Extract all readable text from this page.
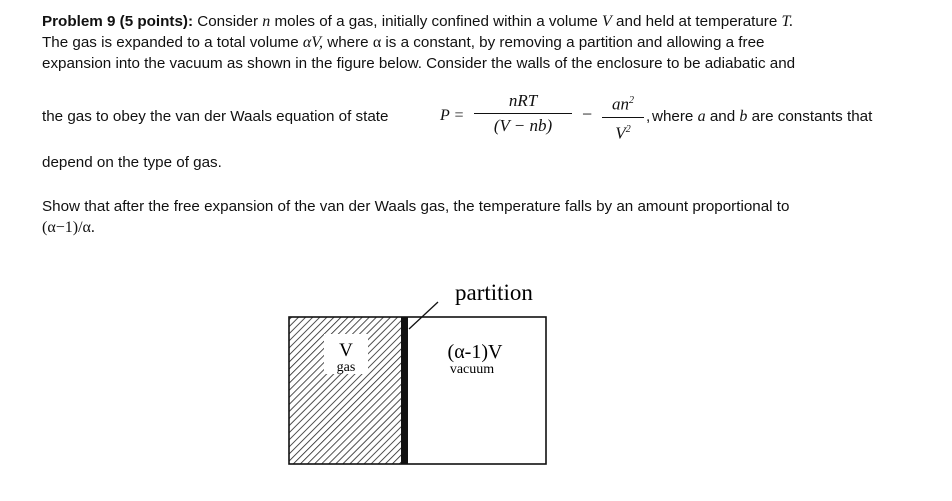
Problem 9 (5 points): Consider n moles of a gas, initially confined within a volume V and held at temperature T.
The gas is expanded to a total volume αV, where α is a constant, by removing a partition and allowing a free
expansion into the vacuum as shown in the figure below. Consider the walls of the enclosure to be adiabatic and
the gas to obey the van der Waals equation of state	P =
nRT
(V − nb)
−	$an^2$
$V^2$
, where a and b are constants that

depend on the type of gas.

Show that after the free expansion of the van der Waals gas, the temperature falls by an amount proportional to
(α−1)/α.
partition
V
gas
(α-1)V
vacuum
